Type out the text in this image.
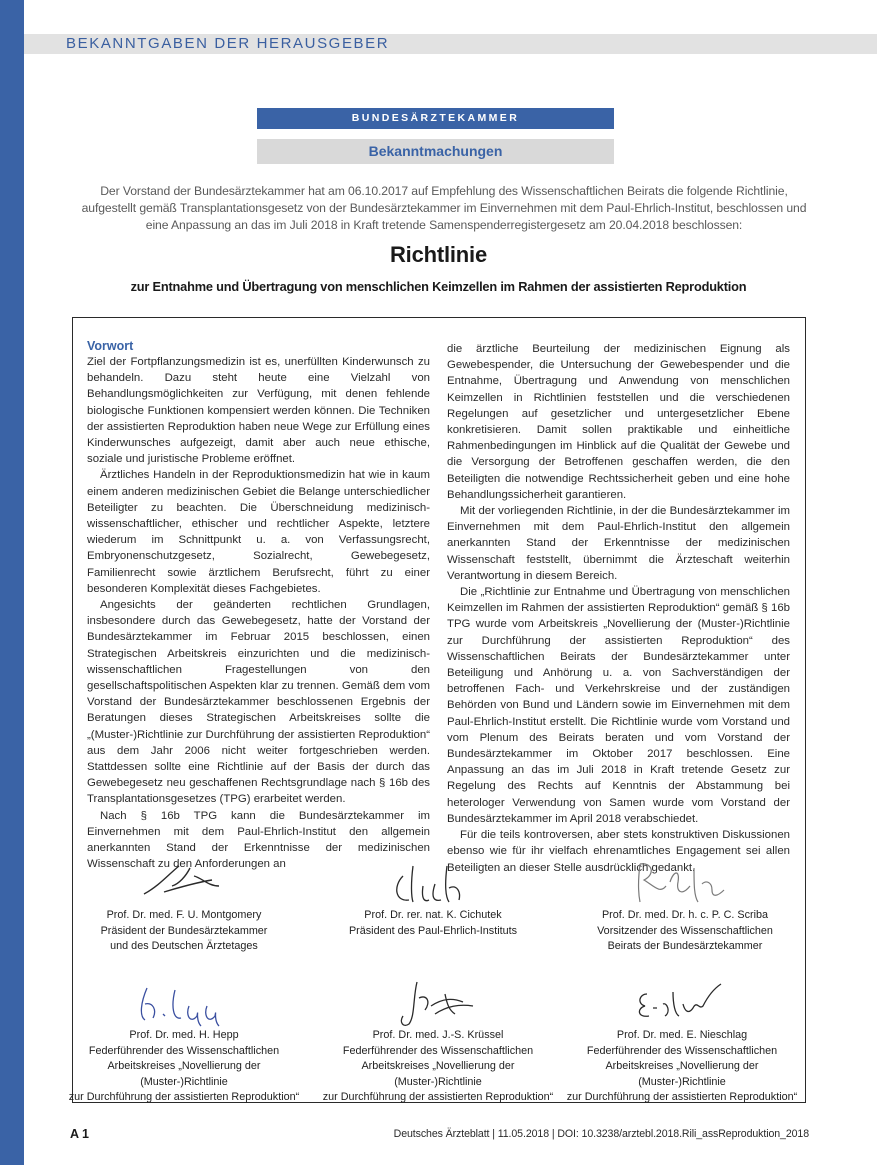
BEKANNTGABEN DER HERAUSGEBER
BUNDESÄRZTEKAMMER
Bekanntmachungen
Der Vorstand der Bundesärztekammer hat am 06.10.2017 auf Empfehlung des Wissenschaftlichen Beirats die folgende Richtlinie, aufgestellt gemäß Transplantationsgesetz von der Bundesärztekammer im Einvernehmen mit dem Paul-Ehrlich-Institut, beschlossen und eine Anpassung an das im Juli 2018 in Kraft tretende Samenspenderregistergesetz am 20.04.2018 beschlossen:
Richtlinie
zur Entnahme und Übertragung von menschlichen Keimzellen im Rahmen der assistierten Reproduktion
Vorwort

Ziel der Fortpflanzungsmedizin ist es, unerfüllten Kinderwunsch zu behandeln. Dazu steht heute eine Vielzahl von Behandlungsmöglichkeiten zur Verfügung, mit denen fehlende biologische Funktionen kompensiert werden können. Die Techniken der assistierten Reproduktion haben neue Wege zur Erfüllung eines Kinderwunsches aufgezeigt, damit aber auch neue ethische, soziale und juristische Probleme eröffnet.

Ärztliches Handeln in der Reproduktionsmedizin hat wie in kaum einem anderen medizinischen Gebiet die Belange unterschiedlicher Beteiligter zu beachten. Die Überschneidung medizinisch-wissenschaftlicher, ethischer und rechtlicher Aspekte, letztere wiederum im Schnittpunkt u. a. von Verfassungsrecht, Embryonenschutzgesetz, Sozialrecht, Gewebegesetz, Familienrecht sowie ärztlichem Berufsrecht, führt zu einer besonderen Komplexität dieses Fachgebietes.

Angesichts der geänderten rechtlichen Grundlagen, insbesondere durch das Gewebegesetz, hatte der Vorstand der Bundesärztekammer im Februar 2015 beschlossen, einen Strategischen Arbeitskreis einzurichten und die medizinisch-wissenschaftlichen Fragestellungen von den gesellschaftspolitischen Aspekten klar zu trennen. Gemäß dem vom Vorstand der Bundesärztekammer beschlossenen Ergebnis der Beratungen dieses Strategischen Arbeitskreises sollte die „(Muster-)Richtlinie zur Durchführung der assistierten Reproduktion“ aus dem Jahr 2006 nicht weiter fortgeschrieben werden. Stattdessen sollte eine Richtlinie auf der Basis der durch das Gewebegesetz neu geschaffenen Rechtsgrundlage nach § 16b des Transplantationsgesetzes (TPG) erarbeitet werden.

Nach § 16b TPG kann die Bundesärztekammer im Einvernehmen mit dem Paul-Ehrlich-Institut den allgemein anerkannten Stand der Erkenntnisse der medizinischen Wissenschaft zu den Anforderungen an

die ärztliche Beurteilung der medizinischen Eignung als Gewebespender, die Untersuchung der Gewebespender und die Entnahme, Übertragung und Anwendung von menschlichen Keimzellen in Richtlinien feststellen und die verschiedenen Regelungen auf gesetzlicher und untergesetzlicher Ebene konkretisieren. Damit sollen praktikable und einheitliche Rahmenbedingungen im Hinblick auf die Qualität der Gewebe und die Versorgung der Betroffenen geschaffen werden, die den Beteiligten die notwendige Rechtssicherheit geben und eine hohe Behandlungssicherheit garantieren.

Mit der vorliegenden Richtlinie, in der die Bundesärztekammer im Einvernehmen mit dem Paul-Ehrlich-Institut den allgemein anerkannten Stand der Erkenntnisse der medizinischen Wissenschaft feststellt, übernimmt die Ärzteschaft weiterhin Verantwortung in diesem Bereich.

Die „Richtlinie zur Entnahme und Übertragung von menschlichen Keimzellen im Rahmen der assistierten Reproduktion“ gemäß § 16b TPG wurde vom Arbeitskreis „Novellierung der (Muster-)Richtlinie zur Durchführung der assistierten Reproduktion“ des Wissenschaftlichen Beirats der Bundesärztekammer unter Beteiligung und Anhörung u. a. von Sachverständigen der betroffenen Fach- und Verkehrskreise und der zuständigen Behörden von Bund und Ländern sowie im Einvernehmen mit dem Paul-Ehrlich-Institut erstellt. Die Richtlinie wurde vom Vorstand und vom Plenum des Beirats beraten und vom Vorstand der Bundesärztekammer im Oktober 2017 beschlossen. Eine Anpassung an das im Juli 2018 in Kraft tretende Gesetz zur Regelung des Rechts auf Kenntnis der Abstammung bei heterologer Verwendung von Samen wurde vom Vorstand der Bundesärztekammer im April 2018 verabschiedet.

Für die teils kontroversen, aber stets konstruktiven Diskussionen ebenso wie für ihr vielfach ehrenamtliches Engagement sei allen Beteiligten an dieser Stelle ausdrücklich gedankt.

Prof. Dr. med. F. U. Montgomery
Präsident der Bundesärztekammer
und des Deutschen Ärztetages
Prof. Dr. rer. nat. K. Cichutek
Präsident des Paul-Ehrlich-Instituts
Prof. Dr. med. Dr. h. c. P. C. Scriba
Vorsitzender des Wissenschaftlichen
Beirats der Bundesärztekammer
Prof. Dr. med. H. Hepp
Federführender des Wissenschaftlichen
Arbeitskreises „Novellierung der (Muster-)Richtlinie
zur Durchführung der assistierten Reproduktion“
Prof. Dr. med. J.-S. Krüssel
Federführender des Wissenschaftlichen
Arbeitskreises „Novellierung der (Muster-)Richtlinie
zur Durchführung der assistierten Reproduktion“
Prof. Dr. med. E. Nieschlag
Federführender des Wissenschaftlichen
Arbeitskreises „Novellierung der (Muster-)Richtlinie
zur Durchführung der assistierten Reproduktion“
A 1	Deutsches Ärzteblatt | 11.05.2018 | DOI: 10.3238/arztebl.2018.Rili_assReproduktion_2018
